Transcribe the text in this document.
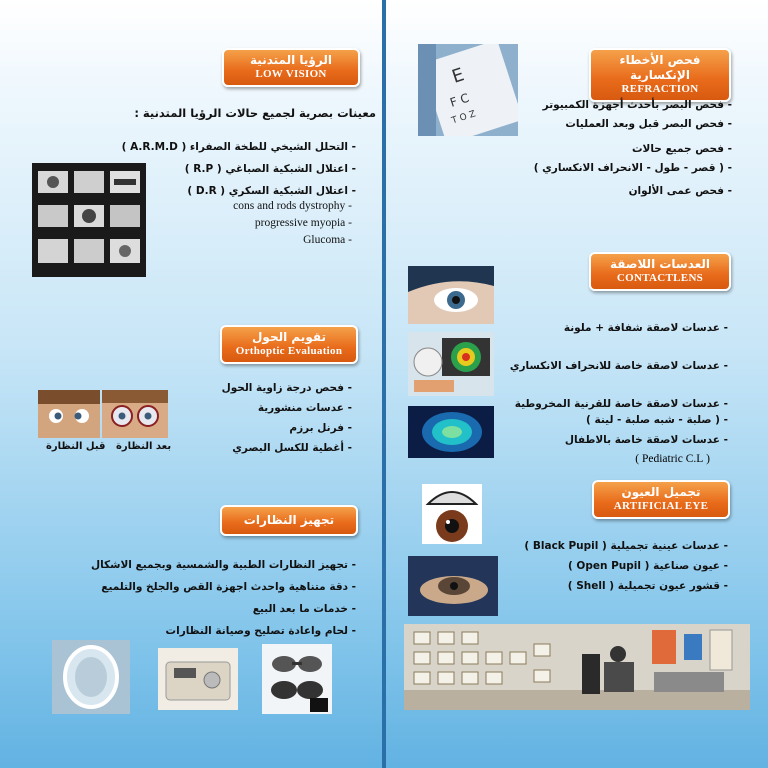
الرؤيا المتدنية
LOW VISION
معينات بصرية لجميع حالات الرؤيا المتدنية :
- التحلل الشيخي للطخة الصفراء ( A.R.M.D )
- اعتلال الشبكية الصباغي ( R.P )
- اعتلال الشبكية السكري ( D.R )
- cons and rods dystrophy
- progressive myopia
- Glucoma
تقويم الحول
Orthoptic Evaluation
- فحص درجة زاوية الحول
- عدسات منشورية
- فرنل برزم
- أغطية للكسل البصري
بعد النظارة
قبل النظارة
تجهيز النظارات
- تجهيز النظارات الطبية والشمسية وبجميع الاشكال
- دقة متناهية واحدث اجهزة القص والجلخ والتلميع
- خدمات ما بعد البيع
- لحام واعادة تصليح وصيانة النظارات
E
F C
T O Z
فحص الأخطاء الإنكسارية
REFRACTION
- فحص البصر بأحدث أجهزة الكمبيوتر
- فحص البصر قبل وبعد العمليات
- فحص جميع حالات
- ( قصر - طول - الانحراف الانكساري )
- فحص عمى الألوان
العدسات اللاصقة
CONTACTLENS
- عدسات لاصقة شفافة + ملونة
- عدسات لاصقة خاصة للانحراف الانكساري
- عدسات لاصقة خاصة للقرنية المخروطية
- ( صلبة - شبه صلبة - لينة )
- عدسات لاصقة خاصة بالاطفال
( Pediatric C.L )
تجميل العيون
ARTIFICIAL EYE
- عدسات عينية تجميلية ( Black Pupil )
- عيون صناعية ( Open Pupil )
- قشور عيون تجميلية ( Shell )
